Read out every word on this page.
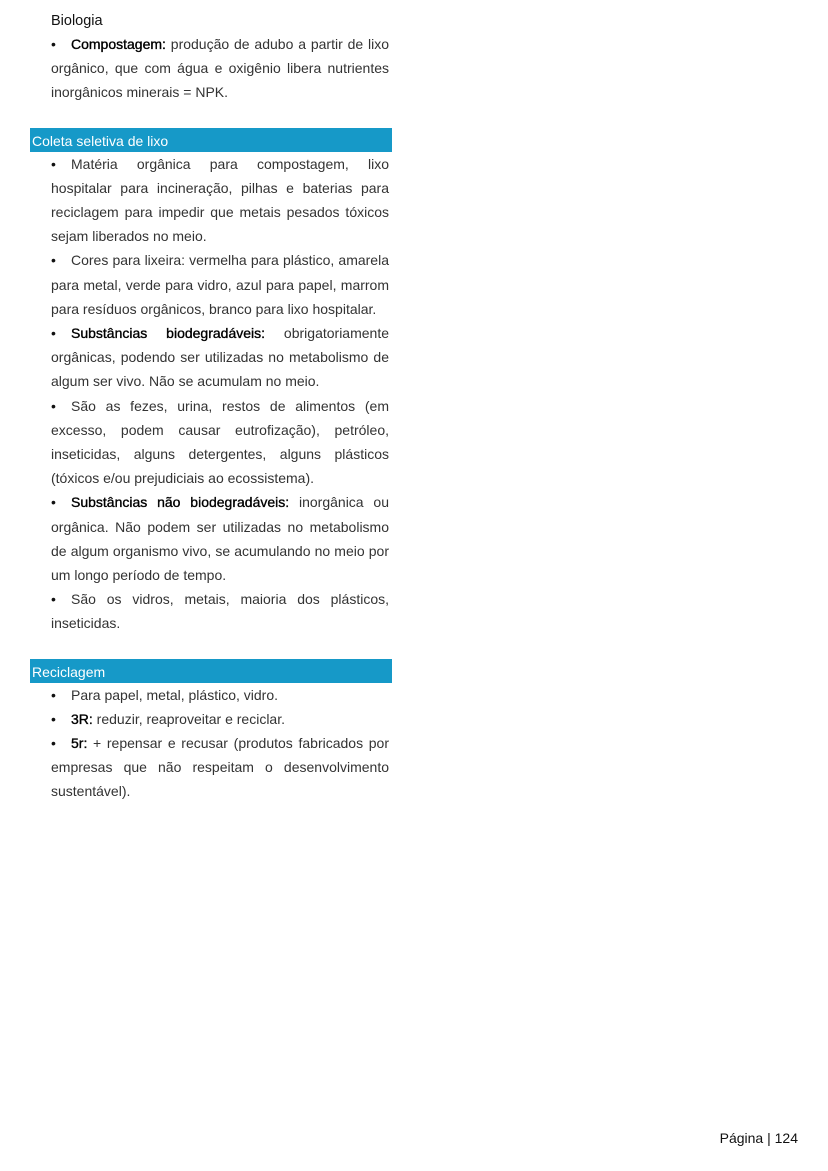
Biologia

• Compostagem: produção de adubo a partir de lixo orgânico, que com água e oxigênio libera nutrientes inorgânicos minerais = NPK.

Coleta seletiva de lixo

• Matéria orgânica para compostagem, lixo hospitalar para incineração, pilhas e baterias para reciclagem para impedir que metais pesados tóxicos sejam liberados no meio.

• Cores para lixeira: vermelha para plástico, amarela para metal, verde para vidro, azul para papel, marrom para resíduos orgânicos, branco para lixo hospitalar.

• Substâncias biodegradáveis: obrigatoriamente orgânicas, podendo ser utilizadas no metabolismo de algum ser vivo. Não se acumulam no meio.

• São as fezes, urina, restos de alimentos (em excesso, podem causar eutrofização), petróleo, inseticidas, alguns detergentes, alguns plásticos (tóxicos e/ou prejudiciais ao ecossistema).

• Substâncias não biodegradáveis: inorgânica ou orgânica. Não podem ser utilizadas no metabolismo de algum organismo vivo, se acumulando no meio por um longo período de tempo.

• São os vidros, metais, maioria dos plásticos, inseticidas.

Reciclagem

• Para papel, metal, plástico, vidro.

• 3R: reduzir, reaproveitar e reciclar.

• 5r: + repensar e recusar (produtos fabricados por empresas que não respeitam o desenvolvimento sustentável).

Página | 124
